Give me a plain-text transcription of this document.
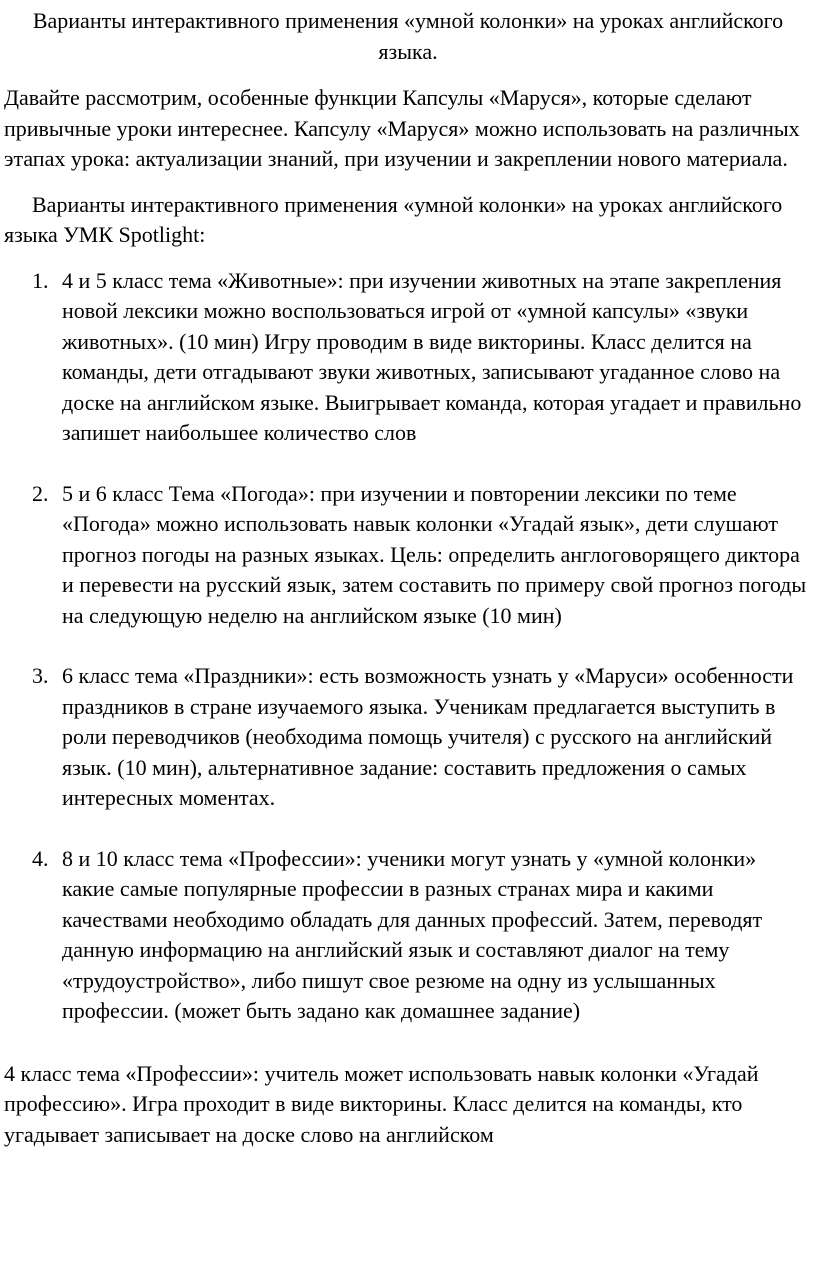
Варианты интерактивного применения «умной колонки» на уроках английского языка.

Давайте рассмотрим, особенные функции Капсулы «Маруся», которые сделают привычные уроки интереснее. Капсулу «Маруся» можно использовать на различных этапах урока: актуализации знаний, при изучении и закреплении нового материала.

Варианты интерактивного применения «умной колонки» на уроках английского языка УМК Spotlight:

1. 4 и 5 класс тема «Животные»: при изучении животных на этапе закрепления новой лексики можно воспользоваться игрой от «умной капсулы» «звуки животных». (10 мин) Игру проводим в виде викторины. Класс делится на команды, дети отгадывают звуки животных, записывают угаданное слово на доске на английском языке. Выигрывает команда, которая угадает и правильно запишет наибольшее количество слов
2. 5 и 6 класс Тема «Погода»: при изучении и повторении лексики по теме «Погода» можно использовать навык колонки «Угадай язык», дети слушают прогноз погоды на разных языках. Цель: определить англоговорящего диктора и перевести на русский язык, затем составить по примеру свой прогноз погоды на следующую неделю на английском языке (10 мин)
3. 6 класс тема «Праздники»: есть возможность узнать у «Маруси» особенности праздников в стране изучаемого языка. Ученикам предлагается выступить в роли переводчиков (необходима помощь учителя) с русского на английский язык. (10 мин), альтернативное задание: составить предложения о самых интересных моментах.
4. 8 и 10 класс тема «Профессии»: ученики могут узнать у «умной колонки» какие самые популярные профессии в разных странах мира и какими качествами необходимо обладать для данных профессий. Затем, переводят данную информацию на английский язык и составляют диалог на тему «трудоустройство», либо пишут свое резюме на одну из услышанных профессии. (может быть задано как домашнее задание)

4 класс тема «Профессии»: учитель может использовать навык колонки «Угадай профессию». Игра проходит в виде викторины. Класс делится на команды, кто угадывает записывает на доске слово на английском
